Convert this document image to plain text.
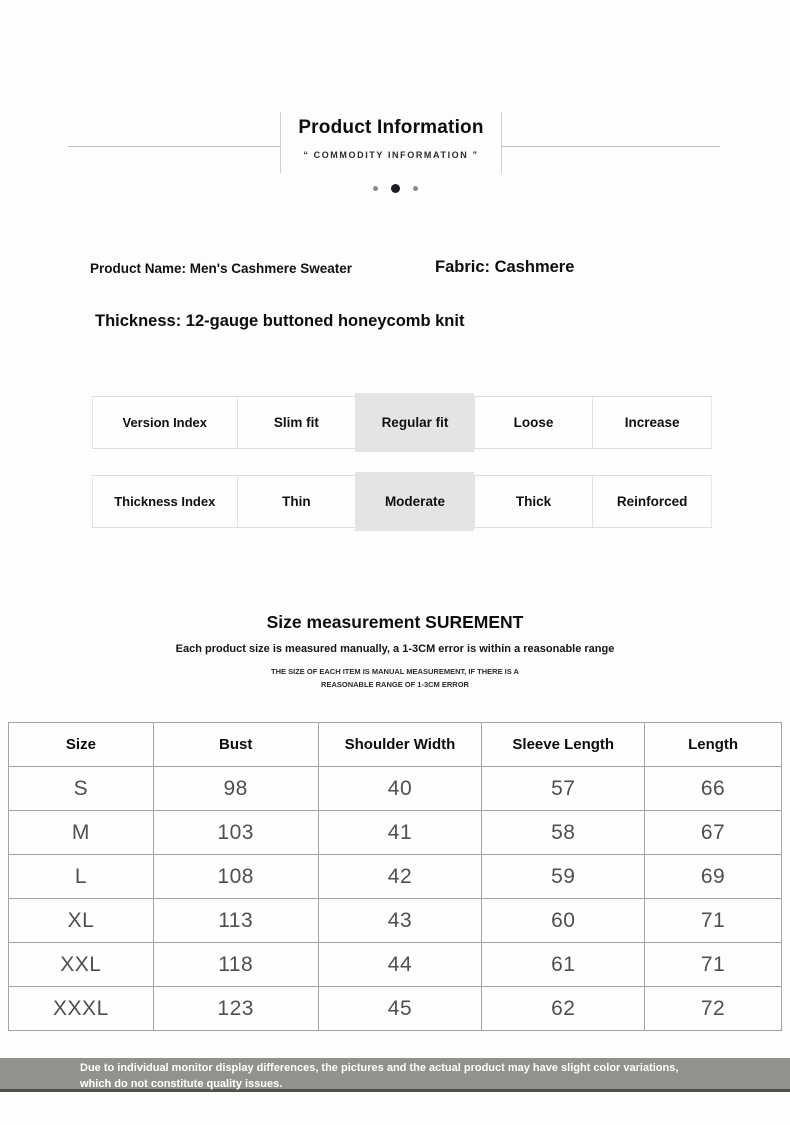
Product Information
“ COMMODITY INFORMATION ”
Product Name: Men's Cashmere Sweater	Fabric: Cashmere
Thickness: 12-gauge buttoned honeycomb knit
Version Index	Slim fit	Regular fit	Loose	Increase
Thickness Index	Thin	Moderate	Thick	Reinforced
Size measurement SUREMENT
Each product size is measured manually, a 1-3CM error is within a reasonable range
THE SIZE OF EACH ITEM IS MANUAL MEASUREMENT, IF THERE IS A
REASONABLE RANGE OF 1-3CM ERROR
Size	Bust	Shoulder Width	Sleeve Length	Length
S	98	40	57	66
M	103	41	58	67
L	108	42	59	69
XL	113	43	60	71
XXL	118	44	61	71
XXXL	123	45	62	72
Due to individual monitor display differences, the pictures and the actual product may have slight color variations, which do not constitute quality issues.
